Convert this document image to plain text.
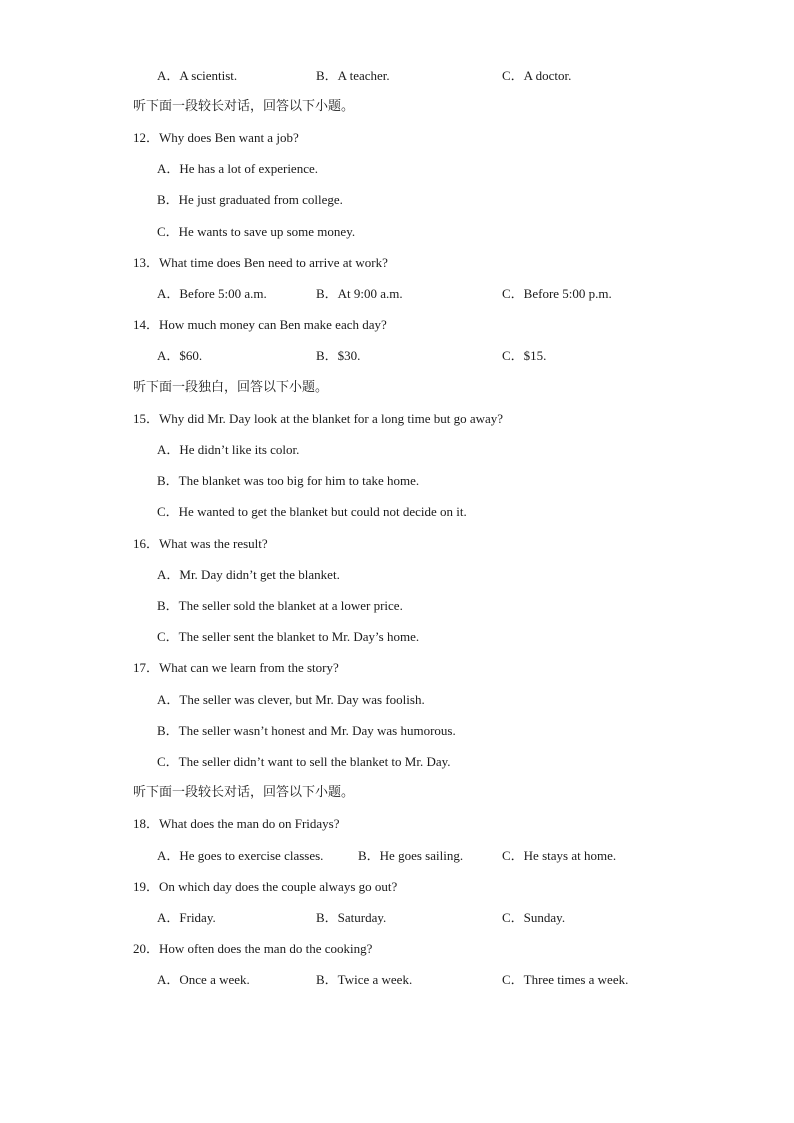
A．A scientist.	B．A teacher.	C．A doctor.
听下面一段较长对话，回答以下小题。
12．Why does Ben want a job?
A．He has a lot of experience.
B．He just graduated from college.
C．He wants to save up some money.
13．What time does Ben need to arrive at work?
A．Before 5:00 a.m.	B．At 9:00 a.m.	C．Before 5:00 p.m.
14．How much money can Ben make each day?
A．$60.	B．$30.	C．$15.
听下面一段独白，回答以下小题。
15．Why did Mr. Day look at the blanket for a long time but go away?
A．He didn’t like its color.
B．The blanket was too big for him to take home.
C．He wanted to get the blanket but could not decide on it.
16．What was the result?
A．Mr. Day didn’t get the blanket.
B．The seller sold the blanket at a lower price.
C．The seller sent the blanket to Mr. Day’s home.
17．What can we learn from the story?
A．The seller was clever, but Mr. Day was foolish.
B．The seller wasn’t honest and Mr. Day was humorous.
C．The seller didn’t want to sell the blanket to Mr. Day.
听下面一段较长对话，回答以下小题。
18．What does the man do on Fridays?
A．He goes to exercise classes.	B．He goes sailing.	C．He stays at home.
19．On which day does the couple always go out?
A．Friday.	B．Saturday.	C．Sunday.
20．How often does the man do the cooking?
A．Once a week.	B．Twice a week.	C．Three times a week.
